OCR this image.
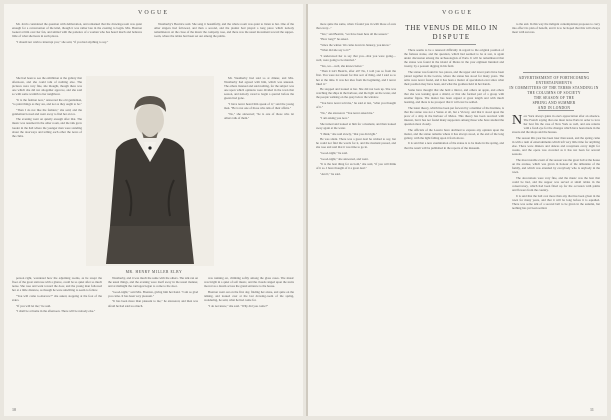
VOGUE

Mr. Jervis considered the question with deliberation, and remarked that the drawing-room was quiet enough for a conversation of the kind, though it was rather late in the evening to begin. Mrs. Brenton looked at him over her fan, and smiled with the patience of a woman who has heard much and believes little of what she hears in such places.

"I should not wish to interrupt you," she said, "if you had anything to say."

Weatherby's Beatrice said. She sang it beautifully, and the whole room was quiet to listen to her. One of the other singers had followed, and then a second, and the pianist had played a long piece which nobody remembered. At the close of the music the company rose, and there was the usual movement toward the supper-room, where the tables had been set out among the palms.

She had been to see the exhibition at the gallery that afternoon, and she could talk of nothing else. The pictures were very fine, she thought, though there was one which she did not altogether approve, and she said so with some warmth to her neighbour.

"It is the fashion now," answered the old gentleman, "to paint things as they are, and not as they ought to be."

"Then I do not like the fashion," she said; and the gentleman bowed and went away to find her an ice.

The evening went on quietly enough after that. The music was resumed in the other room, and the talk grew louder in the hall where the younger men were standing about the doorways and telling each other the news of the clubs.

MR. HENRY MILLER ELBY

Mr. Weatherby had said so at dinner, and Mrs. Weatherby had agreed with him, which was unusual. The others listened and said nothing, for the subject was one upon which opinions were divided in the town that season, and nobody cared to begin a quarrel before the guests had gone.

"I have never heard him speak of it," said the young man. "He is not one of those who talk of their affairs."

"No," she answered; "he is one of those who let others talk of them."

person right, wondered how the adjoining rooms, as he swept the floor of the great staircase with a glance, could be so quiet after so much noise. She rose and went toward the door, and the young man followed her at a little distance, as though he were unwilling to seem to follow.

"You will come to-morrow?" she asked, stopping at the foot of the stairs.

"If you will let me," he said.

"I shall be at home in the afternoon. There will be nobody else."

Weatherby, and it was much the same with the others. The talk ran on the usual things, and the evening wore itself away in the usual manner, and at midnight the carriages began to come to the door.

"Good-night," said Mrs. Brenton, giving him her hand. "I am so glad you came. It has been very pleasant."

"It has been more than pleasant to me," he answered, and then was afraid he had said too much.

was running on, climbing softly among the glass cases. The music was bright in a quiet of soft music, and the clouds ranged upon the stairs moved as a dream across the grand entrance to the house.

Brenton went out on the first day, finding her alone, and quite on the talking, and looked over at the last drawing-room of the spring, wondering, he said, what he had come for.

"I do not know," she said. "Why did you come?"

10
VOGUE

more quite the same, when I found you in with those of ours that every..."

"Yes," said Beatrix, "we have been here all the season."

"How long?" he asked.

"Since the winter. We came down in January, you know."

"What did she say to it?"

"I understood her to say that you—that you were going—well, were going to be married."

"Yes, we—well, she knows better."

"Then it isn't Beatrix, after all? No, I told you so from the first. You were not meant for that sort of thing, and I said so to her at the time. It was her idea from the beginning, and I never liked it."

He stopped and looked at her. She did not look up. She was watching the ships in the harbour, and the light on the water, and the people walking on the quay below the window.

"You have never told me," he said at last, "what you thought of it."

"No," she answered. "You never asked me."

"I am asking you now."

She turned and looked at him for a moment, and then looked away again at the water.

"I think," she said slowly, "that you did right."

He was silent. There was a great deal he wished to say, but he could not find the words for it, and the moment passed, and she rose and said that it was time to go in.

"Good-night," he said.

"Good-night," she answered, and went.

"It is the best thing for us both," she said, "if you will think of it so. I have thought of it a great deal."

"And I," he said.

THE VENUS DE MILO IN
DISPUTE

There seems to be a renewed difficulty in regard to the original position of the famous statue, and the question, which had seemed to be at rest, is again under discussion among the archaeologists of Paris. It will be remembered that the statue was found in the island of Melos in the year eighteen hundred and twenty, by a peasant digging in his field.

The statue was found in two pieces, and the upper and lower parts have been joined together in the Louvre, where the statue has stood for many years. The arms were never found, and it has been a matter of speculation ever since what their position may have been, and what the goddess held in her hands.

Some have thought that she held a mirror, and others an apple, and others that she was leaning upon a shield, or that she formed part of a group with another figure. The matter has been argued at great length and with much learning, and there is no prospect that it will ever be settled.

The latest theory, which has been put forward by a member of the Institute, is that the statue was not a Venus at all, but a Victory, and that it stood upon the prow of a ship in the harbour of Melos. This theory has been received with interest, but it has not found many supporters among those who have studied the question most closely.

The officials of the Louvre have declined to express any opinion upon the matter, and the statue remains where it has always stood, at the end of the long gallery, with the light falling upon it from above.

It is said that a new examination of the statue is to be made in the spring, and that the result will be published in the reports of the museum.

to the end. In this way the indigent contemplation proposes to carry into effect its plan of benefit, and it is to be hoped that this will always meet with success.

ADVERTISEMENT OF FORTHCOMING ENTERTAINMENTS
IN COMMITTEES OF THE TERMS STANDING IN THE COLUMNS OF SOCIETY
THE SEASON OF THE
SPRING AND SUMMER
AND IN LONDON

New York always gains in one's appreciation after an absence. The French saying that one must leave Paris in order to love her best fits the case of New York as well, and one returns with a fresh eye for the changes which have been made in the streets and the shops and the houses.

The season this year has been later than usual, and the spring came in with a rush of entertainments which left very little time for anything else. There were dinners and dances and receptions every night for weeks, and the opera was crowded as it has not been for several seasons.

The most notable event of the season was the great ball at the house on the avenue, which was given in honour of the débutante of the family, and which was attended by everybody who is anybody in the town.

The decorations were very fine, and the music was the best that could be had, and the supper was served at small tables in the conservatory, which had been fitted up for the occasion with palms and flowers from the country.

It is said that the ball cost more than any that has been given in the town for many years, and that it will be long before it is equalled. There was some talk of a second ball to be given in the autumn, but nothing has yet been settled.

11
